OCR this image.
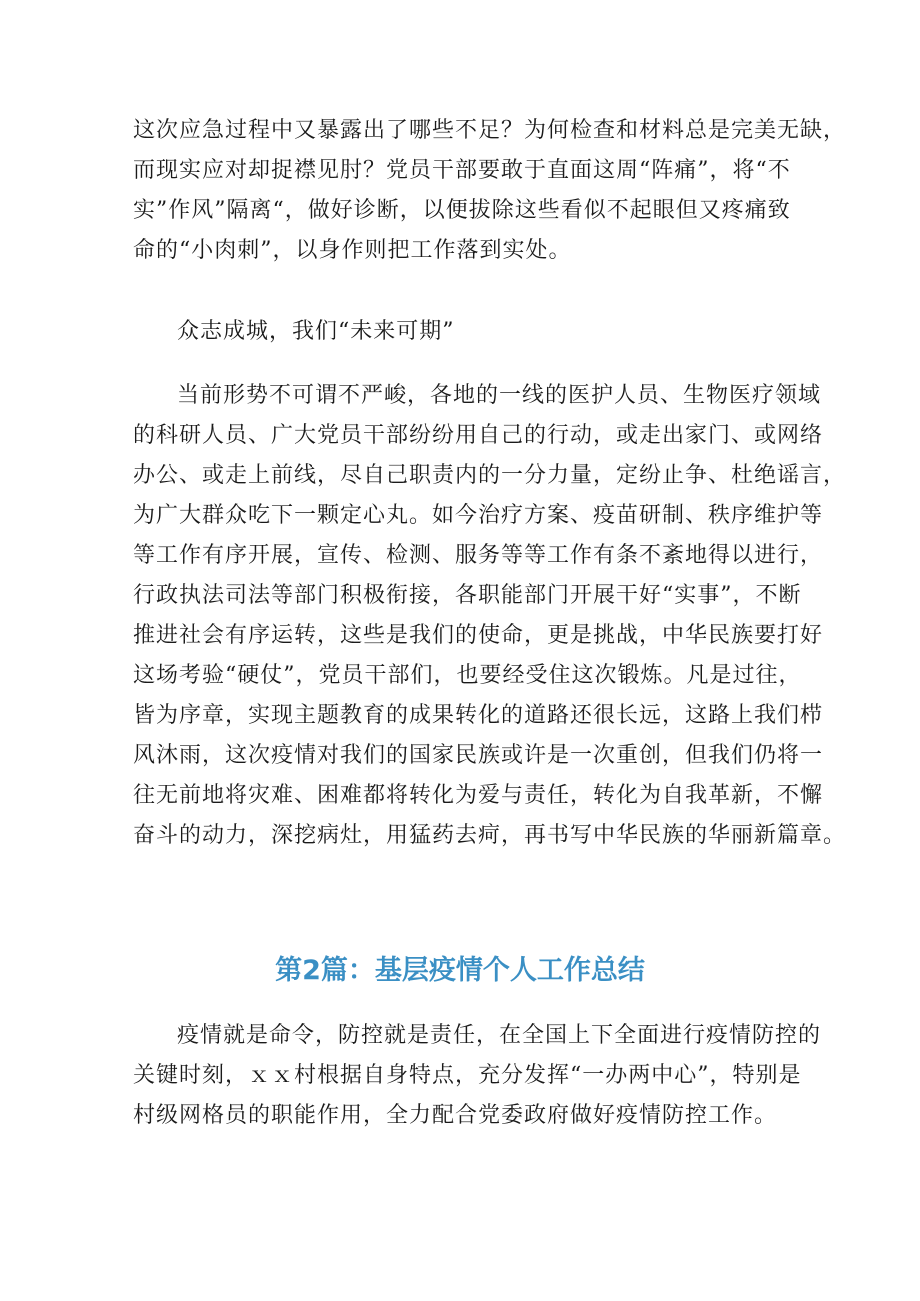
这次应急过程中又暴露出了哪些不足？为何检查和材料总是完美无缺，
而现实应对却捉襟见肘？党员干部要敢于直面这周“阵痛”，将“不
实”作风”隔离“，做好诊断，以便拔除这些看似不起眼但又疼痛致
命的“小肉刺”，以身作则把工作落到实处。
众志成城，我们“未来可期”
当前形势不可谓不严峻，各地的一线的医护人员、生物医疗领域
的科研人员、广大党员干部纷纷用自己的行动，或走出家门、或网络
办公、或走上前线，尽自己职责内的一分力量，定纷止争、杜绝谣言，
为广大群众吃下一颗定心丸。如今治疗方案、疫苗研制、秩序维护等
等工作有序开展，宣传、检测、服务等等工作有条不紊地得以进行，
行政执法司法等部门积极衔接，各职能部门开展干好“实事”，不断
推进社会有序运转，这些是我们的使命，更是挑战，中华民族要打好
这场考验“硬仗”，党员干部们，也要经受住这次锻炼。凡是过往，
皆为序章，实现主题教育的成果转化的道路还很长远，这路上我们栉
风沐雨，这次疫情对我们的国家民族或许是一次重创，但我们仍将一
往无前地将灾难、困难都将转化为爱与责任，转化为自我革新，不懈
奋斗的动力，深挖病灶，用猛药去疴，再书写中华民族的华丽新篇章。
第2篇：基层疫情个人工作总结
疫情就是命令，防控就是责任，在全国上下全面进行疫情防控的
关键时刻，ｘｘ村根据自身特点，充分发挥“一办两中心”，特别是
村级网格员的职能作用，全力配合党委政府做好疫情防控工作。
